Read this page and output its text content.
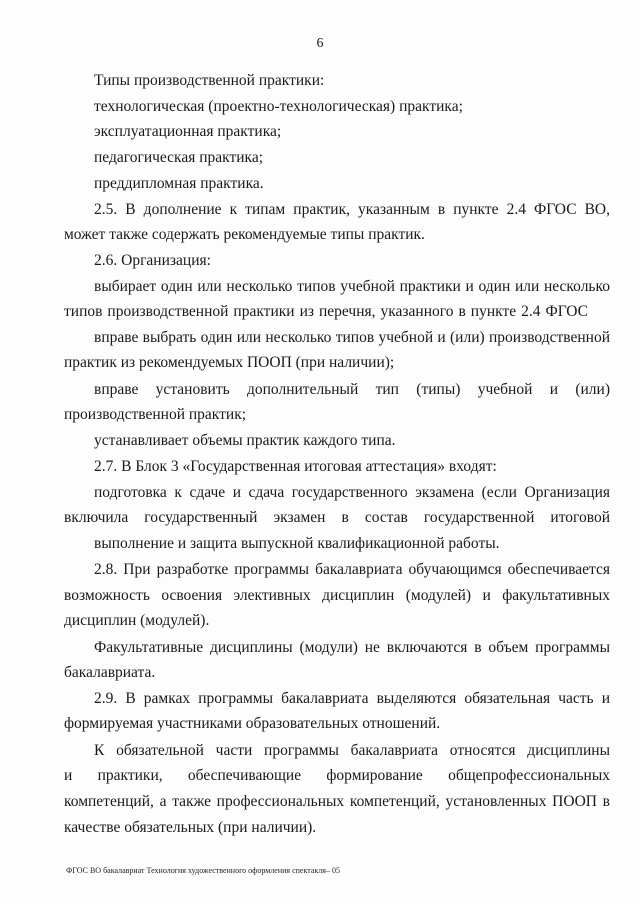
6
Типы производственной практики:
технологическая (проектно-технологическая) практика;
эксплуатационная практика;
педагогическая практика;
преддипломная практика.
2.5. В дополнение к типам практик, указанным в пункте 2.4 ФГОС ВО,
может также содержать рекомендуемые типы практик.
2.6. Организация:
выбирает один или несколько типов учебной практики и один или несколько
типов производственной практики из перечня, указанного в пункте 2.4 ФГОС
вправе выбрать один или несколько типов учебной и (или) производственной
практик из рекомендуемых ПООП (при наличии);
вправе установить дополнительный тип (типы) учебной и (или)
производственной практик;
устанавливает объемы практик каждого типа.
2.7. В Блок 3 «Государственная итоговая аттестация» входят:
подготовка к сдаче и сдача государственного экзамена (если Организация
включила государственный экзамен в состав государственной итоговой
выполнение и защита выпускной квалификационной работы.
2.8. При разработке программы бакалавриата обучающимся обеспечивается
возможность освоения элективных дисциплин (модулей) и факультативных
дисциплин (модулей).
Факультативные дисциплины (модули) не включаются в объем программы
бакалавриата.
2.9. В рамках программы бакалавриата выделяются обязательная часть и
формируемая участниками образовательных отношений.
К обязательной части программы бакалавриата относятся дисциплины
и практики, обеспечивающие формирование общепрофессиональных
компетенций, а также профессиональных компетенций, установленных ПООП в
качестве обязательных (при наличии).
ФГОС ВО бакалавриат Технология художественного оформления спектакля– 05
